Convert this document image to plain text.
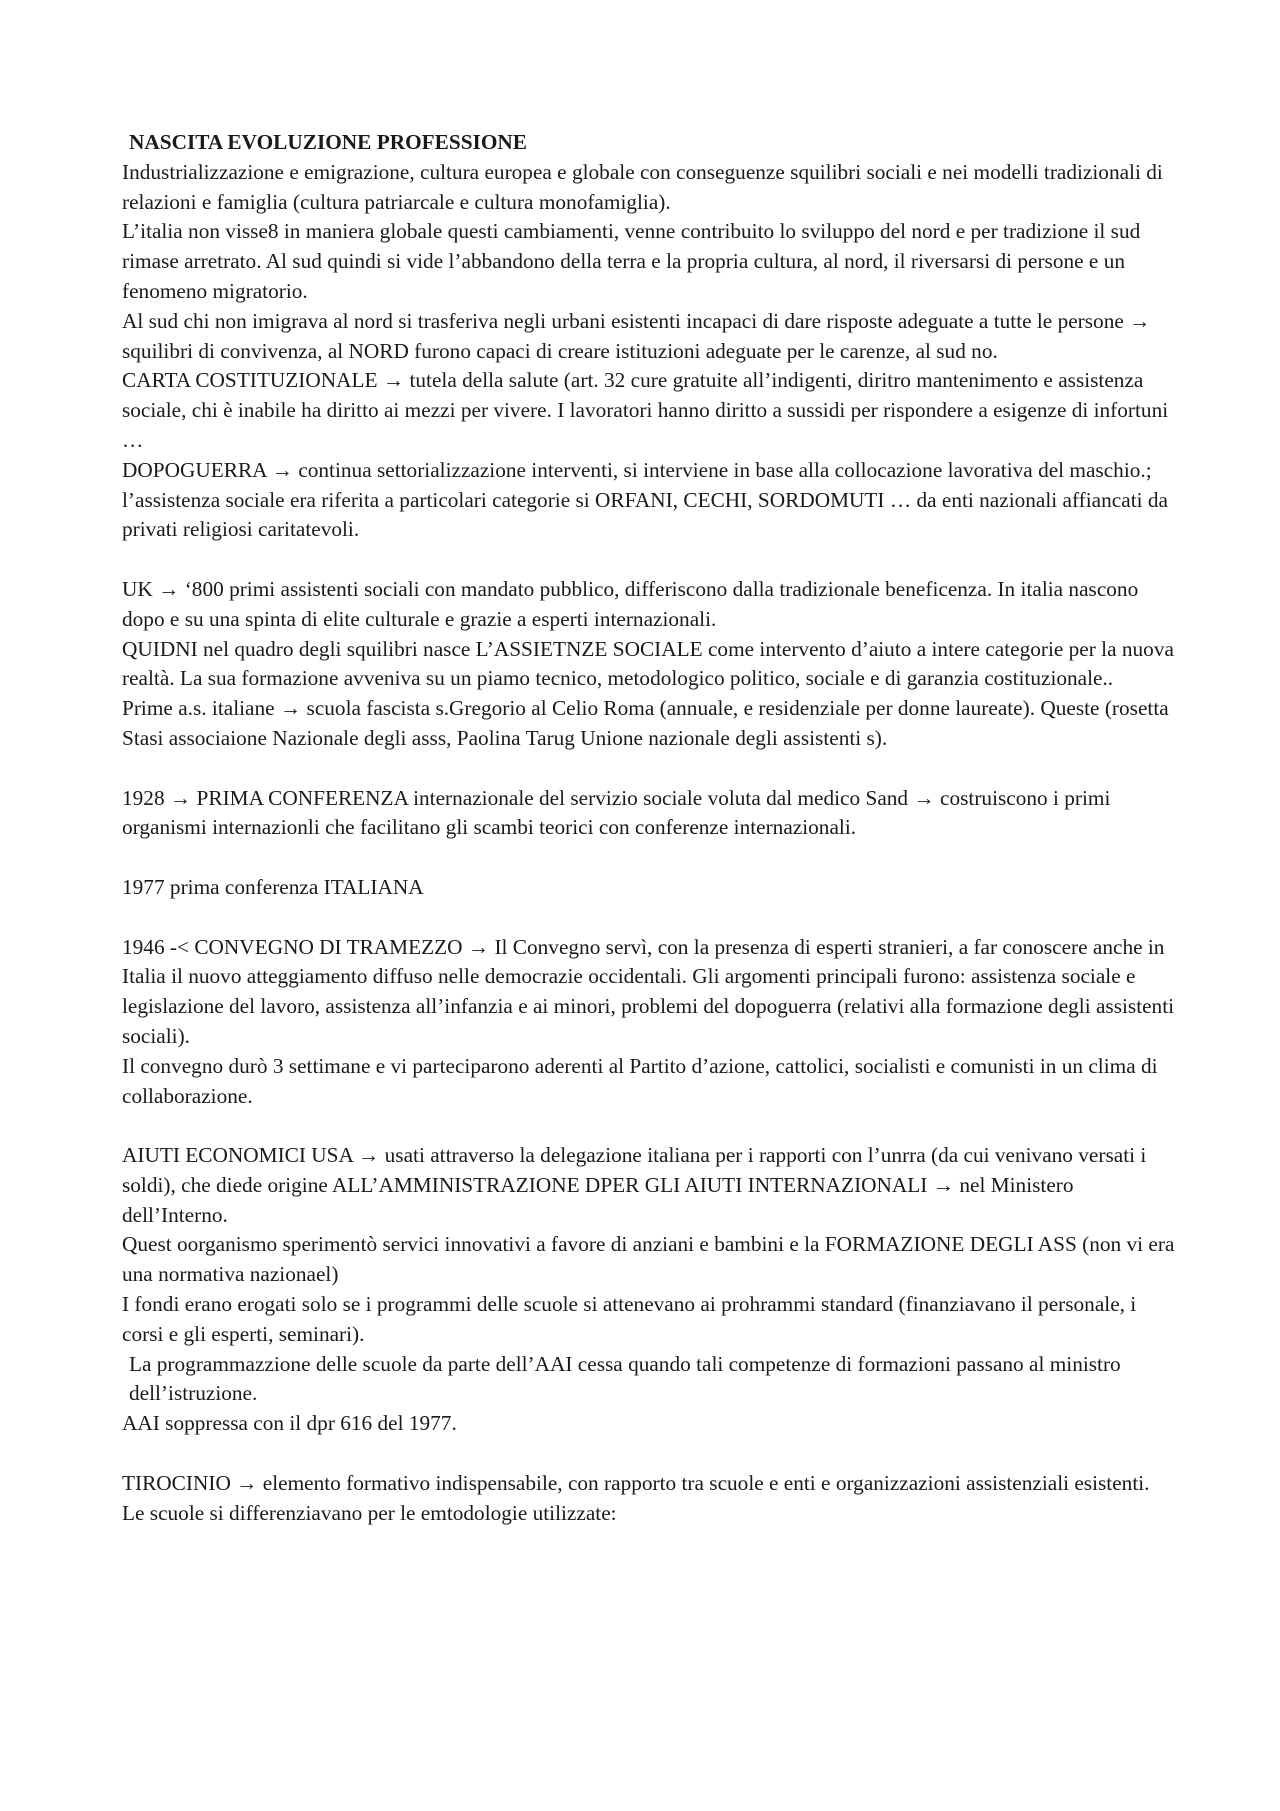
NASCITA EVOLUZIONE PROFESSIONE

Industrializzazione e emigrazione, cultura europea e globale con conseguenze squilibri sociali e nei modelli tradizionali di relazioni e famiglia (cultura patriarcale e cultura monofamiglia).

L’italia non visse8 in maniera globale questi cambiamenti, venne contribuito lo sviluppo del nord e per tradizione il sud rimase arretrato. Al sud quindi si vide l’abbandono della terra e la propria cultura, al nord, il riversarsi di persone e un fenomeno migratorio.

Al sud chi non imigrava al nord si trasferiva negli urbani esistenti incapaci di dare risposte adeguate a tutte le persone → squilibri di convivenza, al NORD furono capaci di creare istituzioni adeguate per le carenze, al sud no.

CARTA COSTITUZIONALE → tutela della salute (art. 32 cure gratuite all’indigenti, diritro mantenimento e assistenza sociale, chi è inabile ha diritto ai mezzi per vivere. I lavoratori hanno diritto a sussidi per rispondere a esigenze di infortuni …

DOPOGUERRA → continua settorializzazione interventi, si interviene in base alla collocazione lavorativa del maschio.; l’assistenza sociale era riferita a particolari categorie si ORFANI, CECHI, SORDOMUTI … da enti nazionali affiancati da privati religiosi caritatevoli.

UK → ‘800 primi assistenti sociali con mandato pubblico, differiscono dalla tradizionale beneficenza. In italia nascono dopo e su una spinta di elite culturale e grazie a esperti internazionali.

QUIDNI nel quadro degli squilibri nasce L’ASSIETNZE SOCIALE come intervento d’aiuto a intere categorie per la nuova realtà. La sua formazione avveniva su un piamo tecnico, metodologico politico, sociale e di garanzia costituzionale..

Prime a.s. italiane → scuola fascista s.Gregorio al Celio Roma (annuale, e residenziale per donne laureate). Queste (rosetta Stasi associaione Nazionale degli asss, Paolina Tarug Unione nazionale degli assistenti s).

1928 → PRIMA CONFERENZA internazionale del servizio sociale voluta dal medico Sand → costruiscono i primi organismi internazionli che facilitano gli scambi teorici con conferenze internazionali.

1977 prima conferenza ITALIANA

1946 -< CONVEGNO DI TRAMEZZO → Il Convegno servì, con la presenza di esperti stranieri, a far conoscere anche in Italia il nuovo atteggiamento diffuso nelle democrazie occidentali. Gli argomenti principali furono: assistenza sociale e legislazione del lavoro, assistenza all’infanzia e ai minori, problemi del dopoguerra (relativi alla formazione degli assistenti sociali).

Il convegno durò 3 settimane e vi parteciparono aderenti al Partito d’azione, cattolici, socialisti e comunisti in un clima di collaborazione.

AIUTI ECONOMICI USA → usati attraverso la delegazione italiana per i rapporti con l’unrra (da cui venivano versati i soldi), che diede origine ALL’AMMINISTRAZIONE DPER GLI AIUTI INTERNAZIONALI → nel Ministero dell’Interno.

Quest oorganismo sperimentò servici innovativi a favore di anziani e bambini e la FORMAZIONE DEGLI ASS (non vi era una normativa nazionael)

I fondi erano erogati solo se i programmi delle scuole si attenevano ai prohrammi standard (finanziavano il personale, i corsi e gli esperti, seminari).

La programmazzione delle scuole da parte dell’AAI cessa quando tali competenze di formazioni passano al ministro dell’istruzione.

AAI soppressa con il dpr 616 del 1977.

TIROCINIO → elemento formativo indispensabile, con rapporto tra scuole e enti e organizzazioni assistenziali esistenti.

Le scuole si differenziavano per le emtodologie utilizzate:
